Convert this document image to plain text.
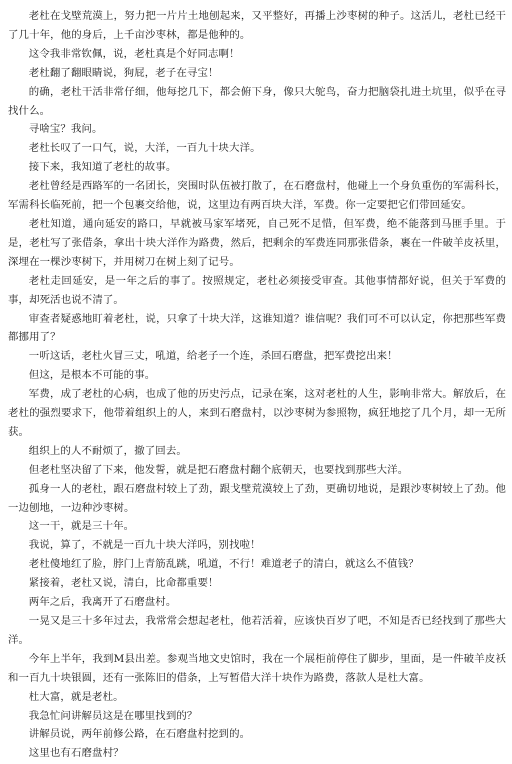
老杜在戈壁荒漠上，努力把一片片土地刨起来，又平整好，再播上沙枣树的种子。这活儿，老杜已经干了几十年，他的身后，上千亩沙枣林，都是他种的。

这令我非常钦佩，说，老杜真是个好同志啊！

老杜翻了翻眼睛说，狗屁，老子在寻宝！

的确，老杜干活非常仔细，他每挖几下，都会俯下身，像只大鸵鸟，奋力把脑袋扎进土坑里，似乎在寻找什么。

寻啥宝？我问。

老杜长叹了一口气，说，大洋，一百九十块大洋。

接下来，我知道了老杜的故事。

老杜曾经是西路军的一名团长，突围时队伍被打散了，在石磨盘村，他碰上一个身负重伤的军需科长，军需科长临死前，把一个包裹交给他，说，这里边有两百块大洋，军费。你一定要把它们带回延安。

老杜知道，通向延安的路口，早就被马家军堵死，自己死不足惜，但军费，绝不能落到马匪手里。于是，老杜写了张借条，拿出十块大洋作为路费，然后，把剩余的军费连同那张借条，裹在一件破羊皮袄里，深埋在一棵沙枣树下，并用树刀在树上刻了记号。

老杜走回延安，是一年之后的事了。按照规定，老杜必须接受审查。其他事情都好说，但关于军费的事，却死活也说不清了。

审查者疑惑地盯着老杜，说，只拿了十块大洋，这谁知道？谁信呢？我们可不可以认定，你把那些军费都挪用了？

一听这话，老杜火冒三丈，吼道，给老子一个连，杀回石磨盘，把军费挖出来！

但这，是根本不可能的事。

军费，成了老杜的心病，也成了他的历史污点，记录在案，这对老杜的人生，影响非常大。解放后，在老杜的强烈要求下，他带着组织上的人，来到石磨盘村，以沙枣树为参照物，疯狂地挖了几个月，却一无所获。

组织上的人不耐烦了，撤了回去。

但老杜坚决留了下来，他发誓，就是把石磨盘村翻个底朝天，也要找到那些大洋。

孤身一人的老杜，跟石磨盘村较上了劲，跟戈壁荒漠较上了劲，更确切地说，是跟沙枣树较上了劲。他一边刨地，一边种沙枣树。

这一干，就是三十年。

我说，算了，不就是一百九十块大洋吗，别找啦！

老杜傻地红了脸，脖门上青筋乱跳，吼道，不行！难道老子的清白，就这么不值钱？

紧接着，老杜又说，清白，比命都重要！

两年之后，我离开了石磨盘村。

一晃又是三十多年过去，我常常会想起老杜，他若活着，应该快百岁了吧，不知是否已经找到了那些大洋。

今年上半年，我到M县出差。参观当地文史馆时，我在一个展柜前停住了脚步，里面，是一件破羊皮袄和一百九十块银圆，还有一张陈旧的借条，上写暂借大洋十块作为路费，落款人是杜大富。

杜大富，就是老杜。

我急忙问讲解员这是在哪里找到的？

讲解员说，两年前修公路，在石磨盘村挖到的。

这里也有石磨盘村？
